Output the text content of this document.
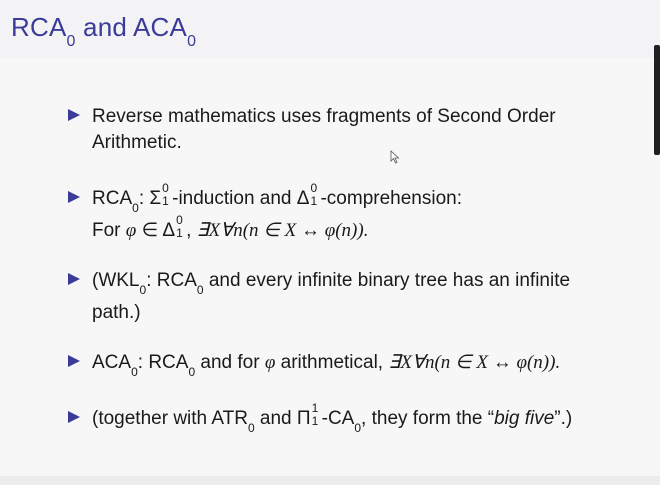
$RCA_0$ and $ACA_0$
Reverse mathematics uses fragments of Second Order
Arithmetic.
$RCA_0$: Σ 0
1 -induction and Δ 0
1 -comprehension:
For φ ∈ Δ 0
1 , ∃X∀n(n ∈ X ↔ φ(n)).
($WKL_0$: $RCA_0$ and every infinite binary tree has an infinite
path.)
$ACA_0$: $RCA_0$ and for φ arithmetical, ∃X∀n(n ∈ X ↔ φ(n)).
(together with $ATR_0$ and Π 1
1 $-CA_0$, they form the “big five”.)
